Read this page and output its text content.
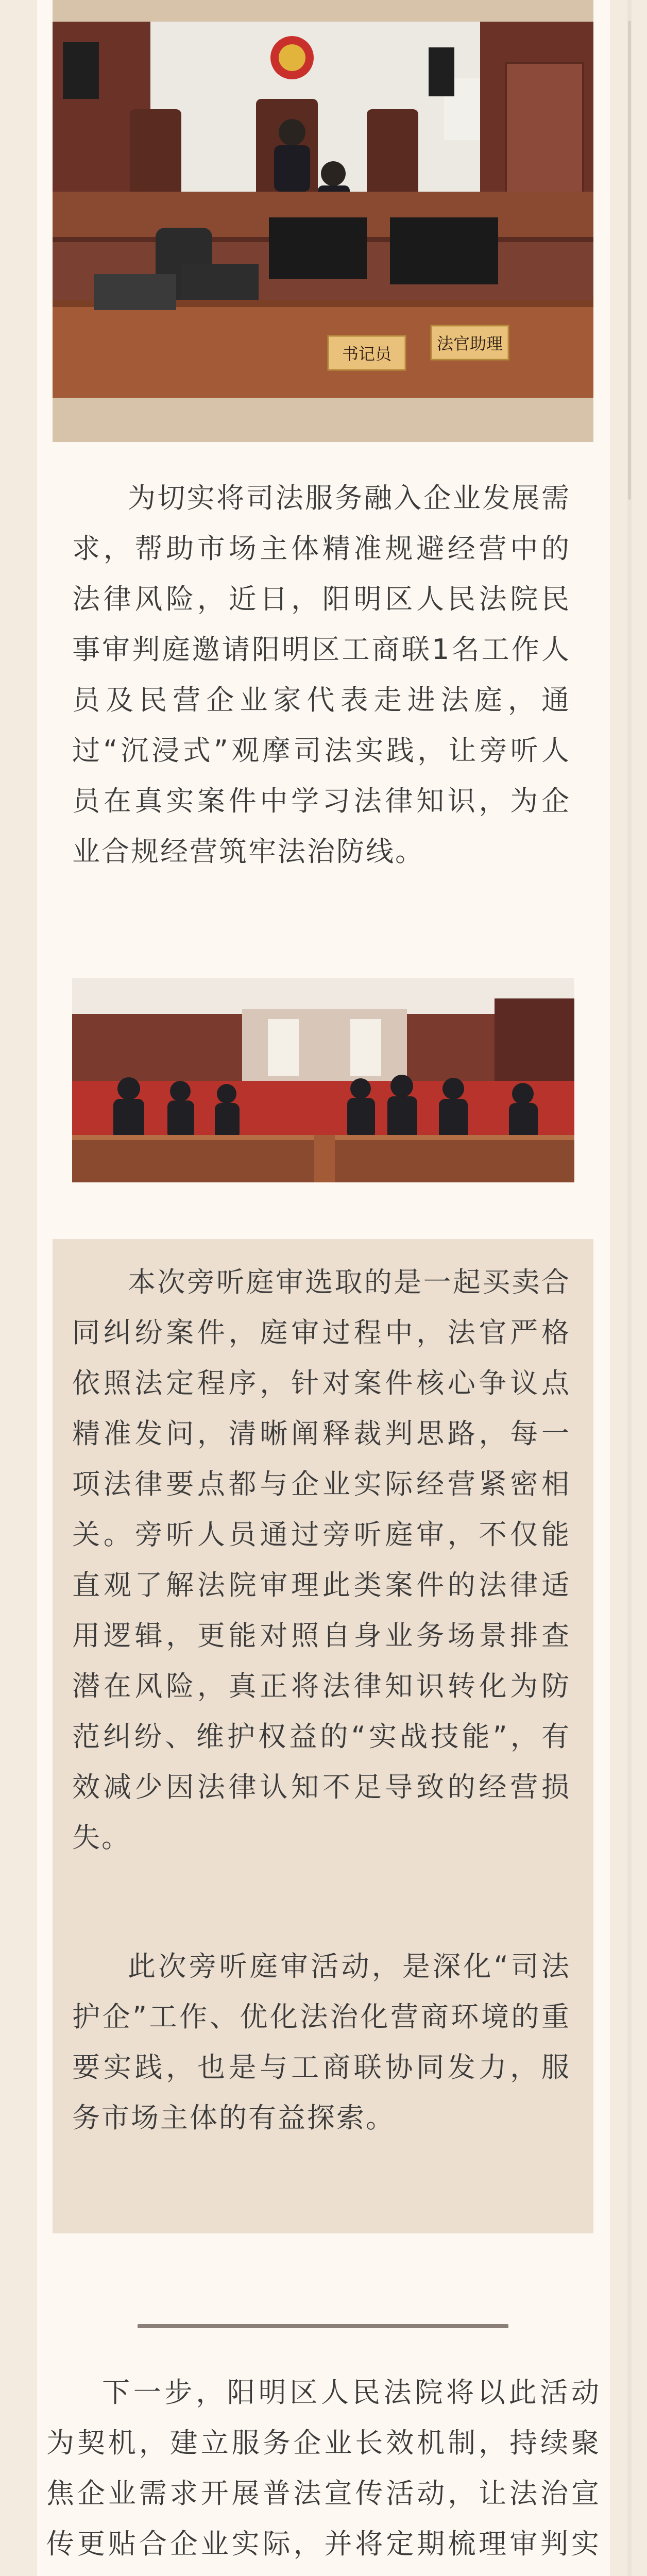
书记员
法官助理
为切实将司法服务融入企业发展需求，帮助市场主体精准规避经营中的法律风险，近日，阳明区人民法院民事审判庭邀请阳明区工商联1名工作人员及民营企业家代表走进法庭，通过“沉浸式”观摩司法实践，让旁听人员在真实案件中学习法律知识，为企业合规经营筑牢法治防线。
本次旁听庭审选取的是一起买卖合同纠纷案件，庭审过程中，法官严格依照法定程序，针对案件核心争议点精准发问，清晰阐释裁判思路，每一项法律要点都与企业实际经营紧密相关。旁听人员通过旁听庭审，不仅能直观了解法院审理此类案件的法律适用逻辑，更能对照自身业务场景排查潜在风险，真正将法律知识转化为防范纠纷、维护权益的“实战技能”，有效减少因法律认知不足导致的经营损失。
此次旁听庭审活动，是深化“司法护企”工作、优化法治化营商环境的重要实践，也是与工商联协同发力，服务市场主体的有益探索。
下一步，阳明区人民法院将以此活动为契机，建立服务企业长效机制，持续聚焦企业需求开展普法宣传活动，让法治宣传更贴合企业实际，并将定期梳理审判实
